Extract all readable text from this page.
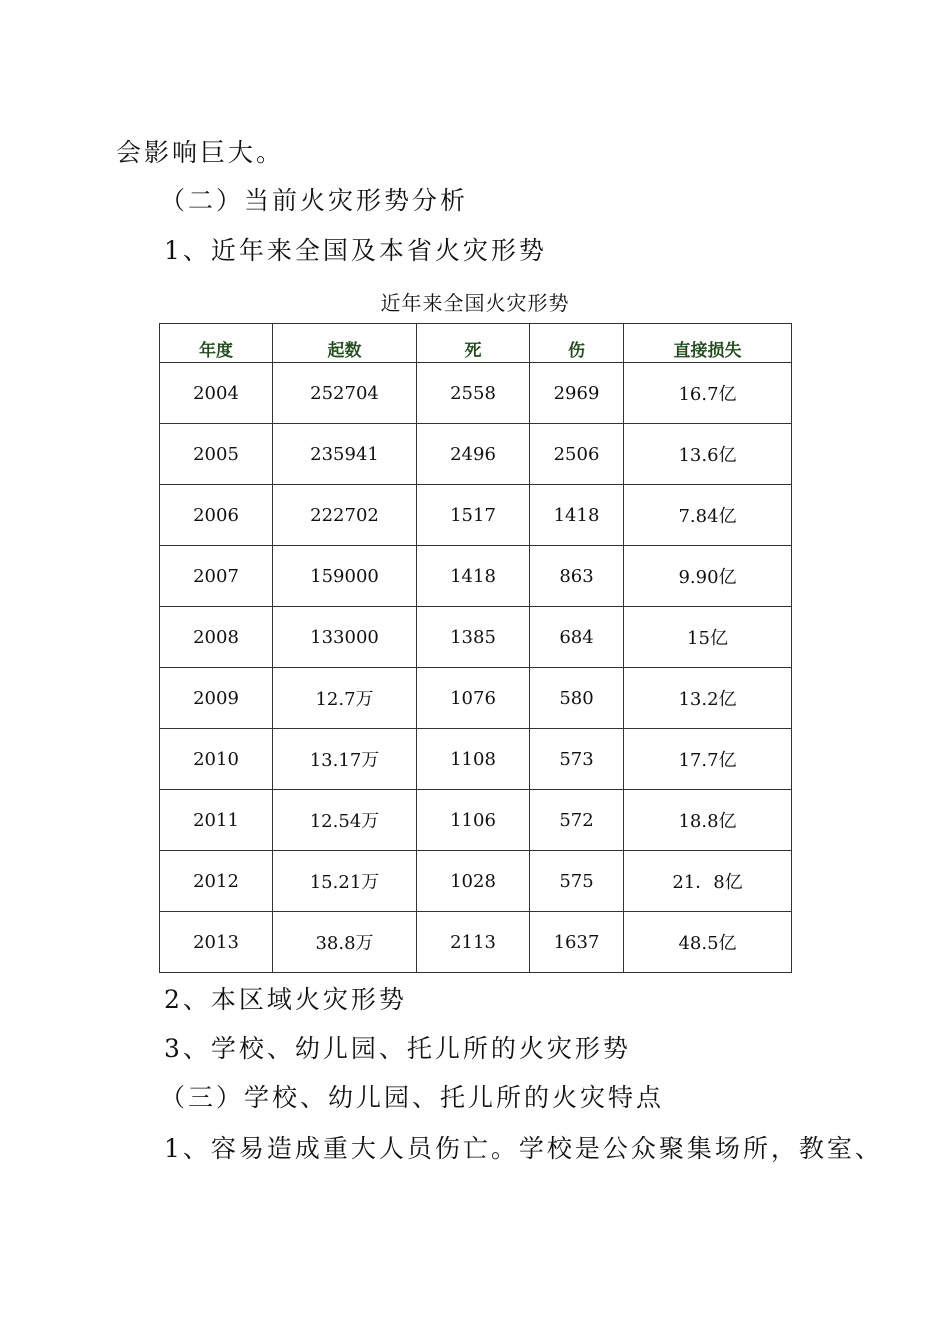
会影响巨大。
（二）当前火灾形势分析
1、近年来全国及本省火灾形势
近年来全国火灾形势
年度	起数	死	伤	直接损失
2004	252704	2558	2969	16.7亿
2005	235941	2496	2506	13.6亿
2006	222702	1517	1418	7.84亿
2007	159000	1418	863	9.90亿
2008	133000	1385	684	15亿
2009	12.7万	1076	580	13.2亿
2010	13.17万	1108	573	17.7亿
2011	12.54万	1106	572	18.8亿
2012	15.21万	1028	575	21．8亿
2013	38.8万	2113	1637	48.5亿
2、本区域火灾形势
3、学校、幼儿园、托儿所的火灾形势
（三）学校、幼儿园、托儿所的火灾特点
1、容易造成重大人员伤亡。学校是公众聚集场所，教室、
